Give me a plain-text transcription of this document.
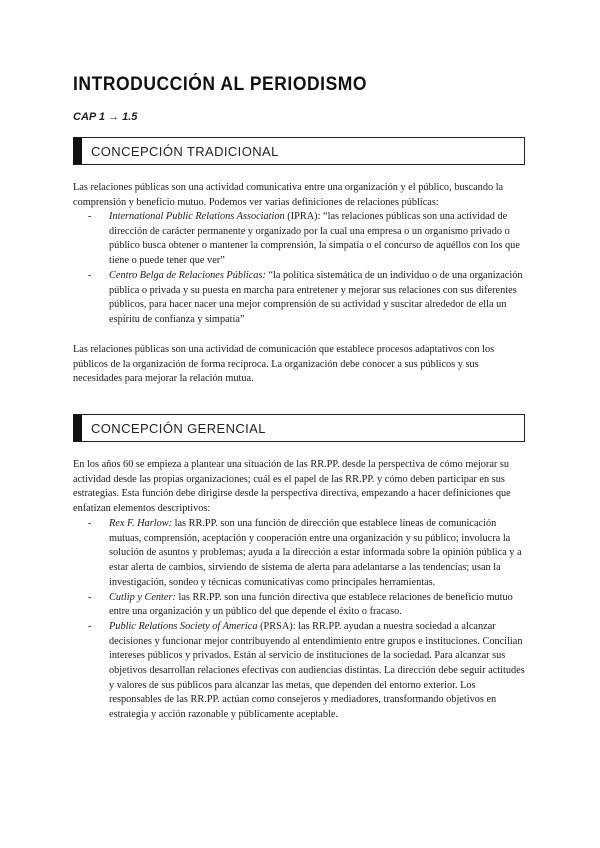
INTRODUCCIÓN AL PERIODISMO
CAP 1 → 1.5
CONCEPCIÓN TRADICIONAL

Las relaciones públicas son una actividad comunicativa entre una organización y el público, buscando la comprensión y beneficio mutuo. Podemos ver varias definiciones de relaciones públicas:

- International Public Relations Association (IPRA): “las relaciones públicas son una actividad de dirección de carácter permanente y organizado por la cual una empresa o un organismo privado o público busca obtener o mantener la comprensión, la simpatía o el concurso de aquéllos con los que tiene o puede tener que ver”
- Centro Belga de Relaciones Públicas: “la política sistemática de un individuo o de una organización pública o privada y su puesta en marcha para entretener y mejorar sus relaciones con sus diferentes públicos, para hacer nacer una mejor comprensión de su actividad y suscitar alrededor de ella un espíritu de confianza y simpatía”

Las relaciones públicas son una actividad de comunicación que establece procesos adaptativos con los públicos de la organización de forma recíproca. La organización debe conocer a sus públicos y sus necesidades para mejorar la relación mutua.

CONCEPCIÓN GERENCIAL

En los años 60 se empieza a plantear una situación de las RR.PP. desde la perspectiva de cómo mejorar su actividad desde las propias organizaciones; cuál es el papel de las RR.PP. y cómo deben participar en sus estrategias. Esta función debe dirigirse desde la perspectiva directiva, empezando a hacer definiciones que enfatizan elementos descriptivos:

- Rex F. Harlow: las RR.PP. son una función de dirección que establece líneas de comunicación mutuas, comprensión, aceptación y cooperación entre una organización y su público; involucra la solución de asuntos y problemas; ayuda a la dirección a estar informada sobre la opinión pública y a estar alerta de cambios, sirviendo de sistema de alerta para adelantarse a las tendencias; usan la investigación, sondeo y técnicas comunicativas como principales herramientas.
- Cutlip y Center: las RR.PP. son una función directiva que establece relaciones de beneficio mutuo entre una organización y un público del que depende el éxito o fracaso.
- Public Relations Society of America (PRSA): las RR.PP. ayudan a nuestra sociedad a alcanzar decisiones y funcionar mejor contribuyendo al entendimiento entre grupos e instituciones. Concilian intereses públicos y privados. Están al servicio de instituciones de la sociedad. Para alcanzar sus objetivos desarrollan relaciones efectivas con audiencias distintas. La dirección debe seguir actitudes y valores de sus públicos para alcanzar las metas, que dependen del entorno exterior. Los responsables de las RR.PP. actúan como consejeros y mediadores, transformando objetivos en estrategia y acción razonable y públicamente aceptable.
